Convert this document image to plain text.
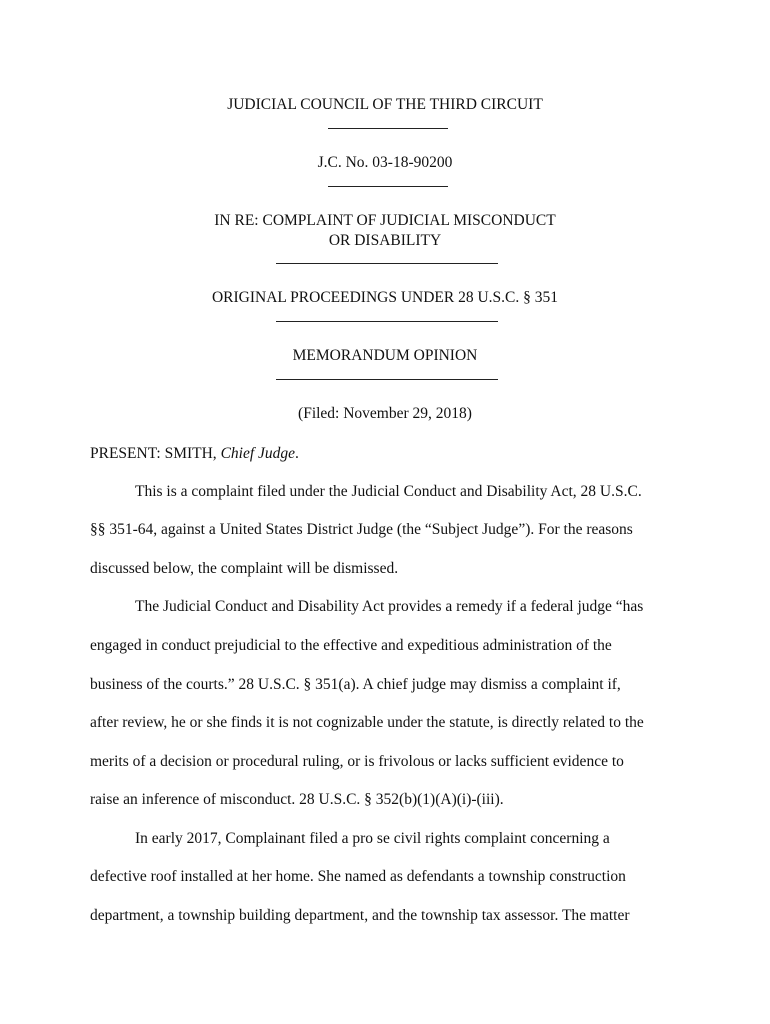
JUDICIAL COUNCIL OF THE THIRD CIRCUIT
J.C. No. 03-18-90200
IN RE: COMPLAINT OF JUDICIAL MISCONDUCT
OR DISABILITY
ORIGINAL PROCEEDINGS UNDER 28 U.S.C. § 351
MEMORANDUM OPINION
(Filed: November 29, 2018)
PRESENT: SMITH, Chief Judge.
This is a complaint filed under the Judicial Conduct and Disability Act, 28 U.S.C.
§§ 351-64, against a United States District Judge (the “Subject Judge”). For the reasons
discussed below, the complaint will be dismissed.
The Judicial Conduct and Disability Act provides a remedy if a federal judge “has
engaged in conduct prejudicial to the effective and expeditious administration of the
business of the courts.” 28 U.S.C. § 351(a). A chief judge may dismiss a complaint if,
after review, he or she finds it is not cognizable under the statute, is directly related to the
merits of a decision or procedural ruling, or is frivolous or lacks sufficient evidence to
raise an inference of misconduct. 28 U.S.C. § 352(b)(1)(A)(i)-(iii).
In early 2017, Complainant filed a pro se civil rights complaint concerning a
defective roof installed at her home. She named as defendants a township construction
department, a township building department, and the township tax assessor. The matter
